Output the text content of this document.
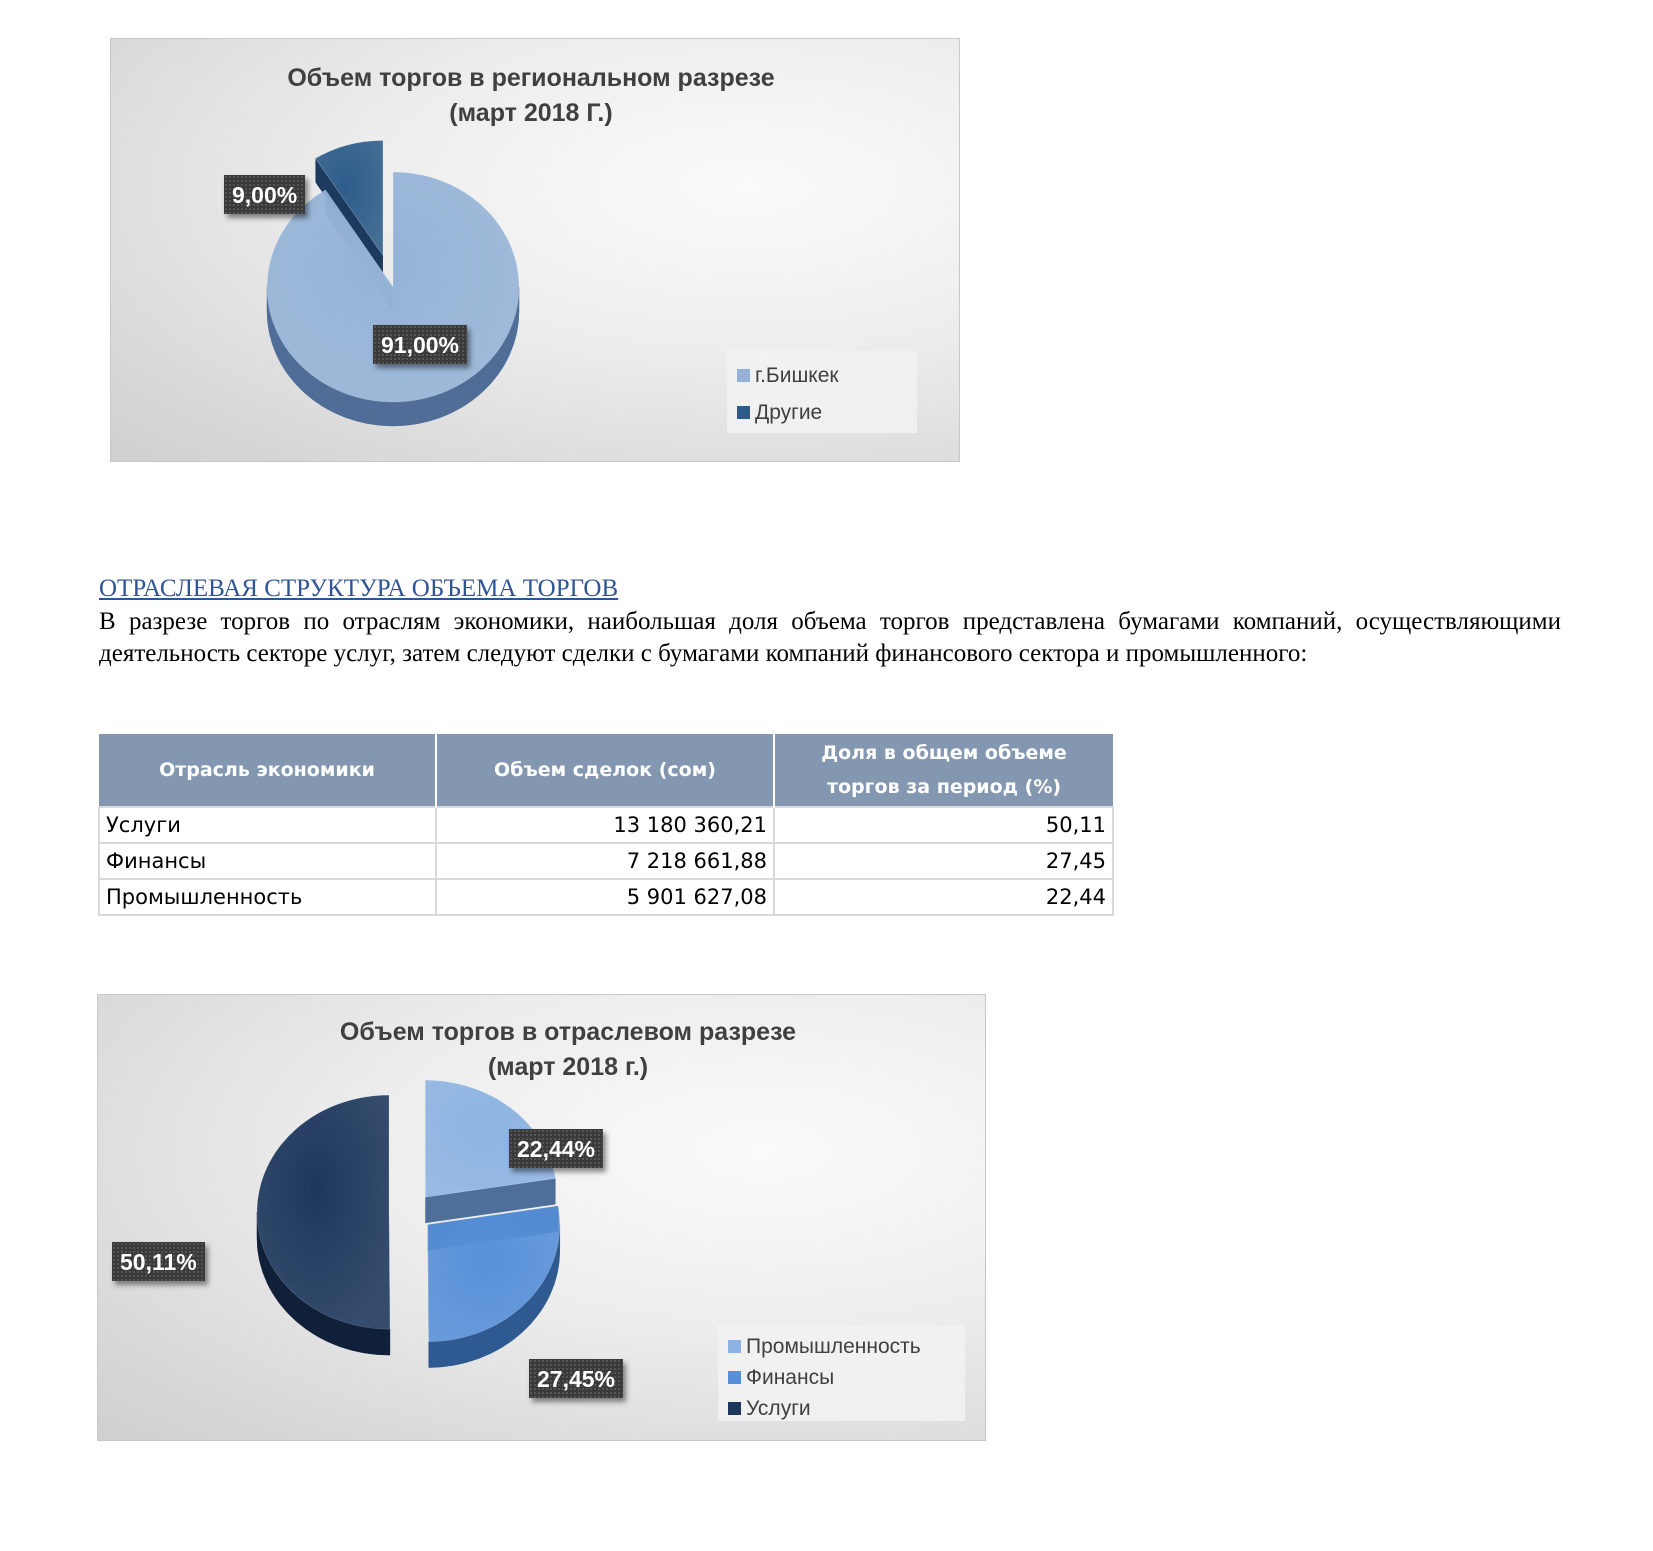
Объем торгов в региональном разрезе
(март 2018 Г.)
9,00%
91,00%
г.Бишкек
Другие
ОТРАСЛЕВАЯ СТРУКТУРА ОБЪЕМА ТОРГОВ

В разрезе торгов по отраслям экономики, наибольшая доля объема торгов представлена бумагами компаний, осуществляющими деятельность секторе услуг, затем следуют сделки с бумагами компаний финансового сектора и промышленного:

Отрасль экономики	Объем сделок (сом)	Доля в общем объеме торгов за период (%)
Услуги	13 180 360,21	50,11
Финансы	7 218 661,88	27,45
Промышленность	5 901 627,08	22,44
Объем торгов в отраслевом разрезе
(март 2018 г.)
22,44%
27,45%
50,11%
Промышленность
Финансы
Услуги
